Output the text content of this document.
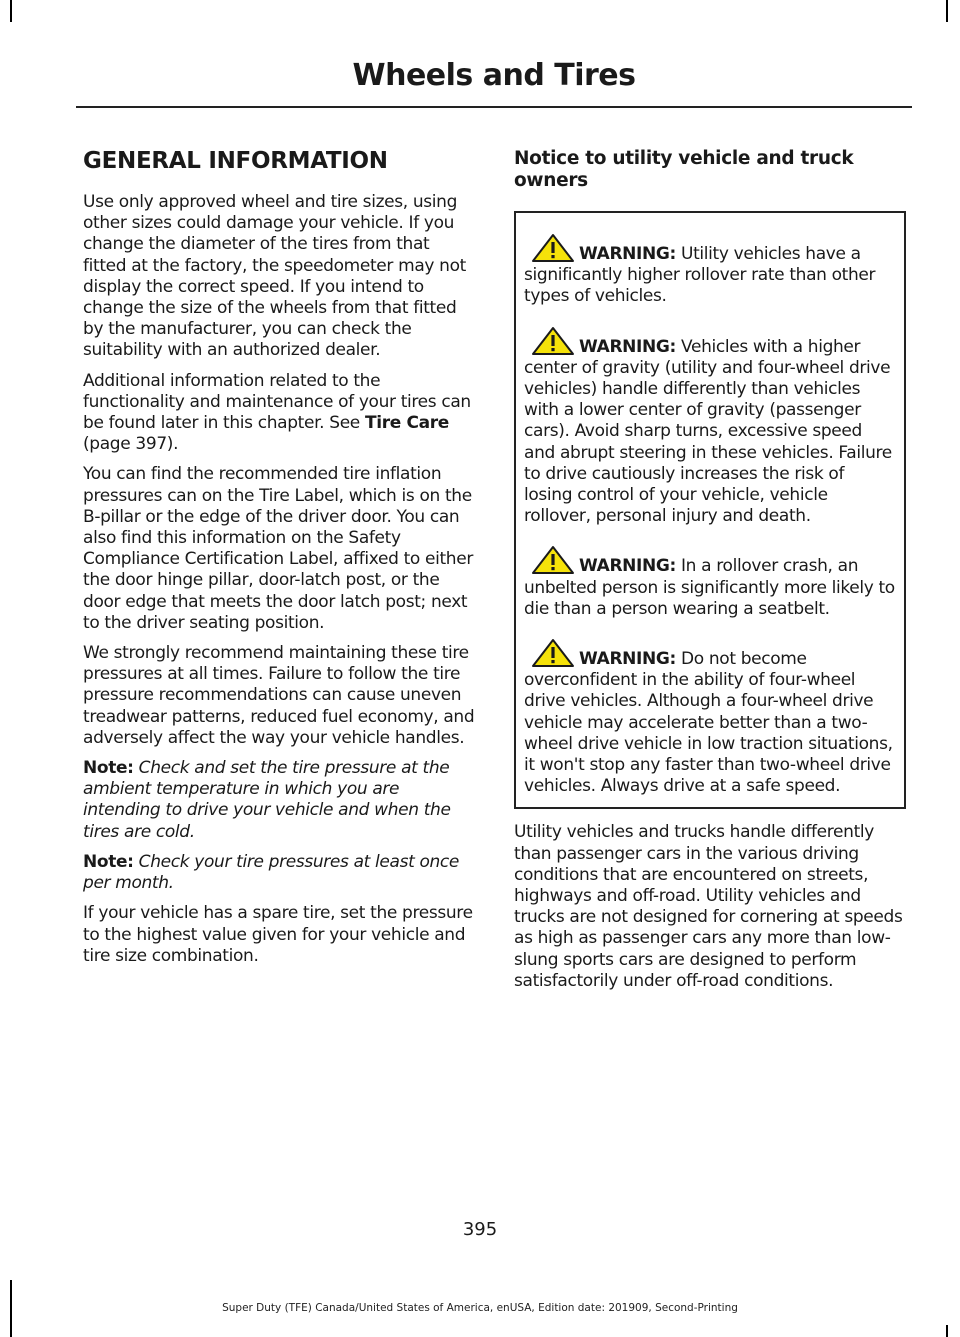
Wheels and Tires
GENERAL INFORMATION

Use only approved wheel and tire sizes, using other sizes could damage your vehicle. If you change the diameter of the tires from that fitted at the factory, the speedometer may not display the correct speed. If you intend to change the size of the wheels from that fitted by the manufacturer, you can check the suitability with an authorized dealer.

Additional information related to the functionality and maintenance of your tires can be found later in this chapter. See Tire Care (page 397).

You can find the recommended tire inflation pressures can on the Tire Label, which is on the B-pillar or the edge of the driver door. You can also find this information on the Safety Compliance Certification Label, affixed to either the door hinge pillar, door-latch post, or the door edge that meets the door latch post; next to the driver seating position.

We strongly recommend maintaining these tire pressures at all times. Failure to follow the tire pressure recommendations can cause uneven treadwear patterns, reduced fuel economy, and adversely affect the way your vehicle handles.

Note: Check and set the tire pressure at the ambient temperature in which you are intending to drive your vehicle and when the tires are cold.

Note: Check your tire pressures at least once per month.

If your vehicle has a spare tire, set the pressure to the highest value given for your vehicle and tire size combination.

Notice to utility vehicle and truck owners

WARNING: Utility vehicles have a significantly higher rollover rate than other types of vehicles.

WARNING: Vehicles with a higher center of gravity (utility and four-wheel drive vehicles) handle differently than vehicles with a lower center of gravity (passenger cars). Avoid sharp turns, excessive speed and abrupt steering in these vehicles. Failure to drive cautiously increases the risk of losing control of your vehicle, vehicle rollover, personal injury and death.

WARNING: In a rollover crash, an unbelted person is significantly more likely to die than a person wearing a seatbelt.

WARNING: Do not become overconfident in the ability of four-wheel drive vehicles. Although a four-wheel drive vehicle may accelerate better than a two-wheel drive vehicle in low traction situations, it won't stop any faster than two-wheel drive vehicles. Always drive at a safe speed.

Utility vehicles and trucks handle differently than passenger cars in the various driving conditions that are encountered on streets, highways and off-road. Utility vehicles and trucks are not designed for cornering at speeds as high as passenger cars any more than low-slung sports cars are designed to perform satisfactorily under off-road conditions.

395
Super Duty (TFE) Canada/United States of America, enUSA, Edition date: 201909, Second-Printing
